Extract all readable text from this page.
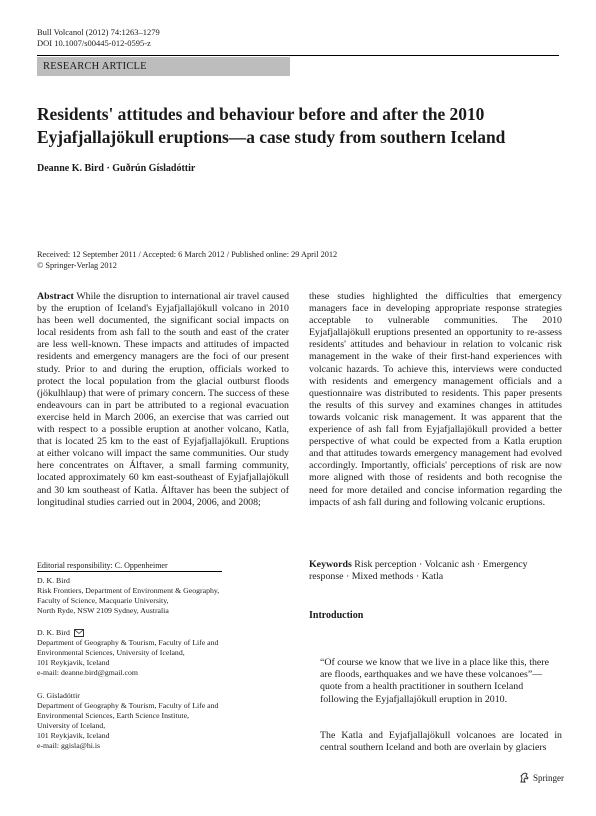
Bull Volcanol (2012) 74:1263–1279
DOI 10.1007/s00445-012-0595-z
RESEARCH ARTICLE
Residents' attitudes and behaviour before and after the 2010 Eyjafjallajökull eruptions—a case study from southern Iceland
Deanne K. Bird · Guðrún Gísladóttir
Received: 12 September 2011 / Accepted: 6 March 2012 / Published online: 29 April 2012
© Springer-Verlag 2012

Abstract While the disruption to international air travel caused by the eruption of Iceland's Eyjafjallajökull volcano in 2010 has been well documented, the significant social impacts on local residents from ash fall to the south and east of the crater are less well-known. These impacts and attitudes of impacted residents and emergency managers are the foci of our present study. Prior to and during the eruption, officials worked to protect the local population from the glacial outburst floods (jökulhlaup) that were of primary concern. The success of these endeavours can in part be attributed to a regional evacuation exercise held in March 2006, an exercise that was carried out with respect to a possible eruption at another volcano, Katla, that is located 25 km to the east of Eyjafjallajökull. Eruptions at either volcano will impact the same communities. Our study here concentrates on Álftaver, a small farming community, located approximately 60 km east-southeast of Eyjafjallajökull and 30 km southeast of Katla. Álftaver has been the subject of longitudinal studies carried out in 2004, 2006, and 2008;

these studies highlighted the difficulties that emergency managers face in developing appropriate response strategies acceptable to vulnerable communities. The 2010 Eyjafjallajökull eruptions presented an opportunity to re-assess residents' attitudes and behaviour in relation to volcanic risk management in the wake of their first-hand experiences with volcanic hazards. To achieve this, interviews were conducted with residents and emergency management officials and a questionnaire was distributed to residents. This paper presents the results of this survey and examines changes in attitudes towards volcanic risk management. It was apparent that the experience of ash fall from Eyjafjallajökull provided a better perspective of what could be expected from a Katla eruption and that attitudes towards emergency management had evolved accordingly. Importantly, officials' perceptions of risk are now more aligned with those of residents and both recognise the need for more detailed and concise information regarding the impacts of ash fall during and following volcanic eruptions.

Editorial responsibility: C. Oppenheimer
D. K. Bird
Risk Frontiers, Department of Environment & Geography,
Faculty of Science, Macquarie University,
North Ryde, NSW 2109 Sydney, Australia
D. K. Bird
Department of Geography & Tourism, Faculty of Life and
Environmental Sciences, University of Iceland,
101 Reykjavik, Iceland
e-mail: deanne.bird@gmail.com
G. Gísladóttir
Department of Geography & Tourism, Faculty of Life and
Environmental Sciences, Earth Science Institute,
University of Iceland,
101 Reykjavik, Iceland
e-mail: ggisla@hi.is
Keywords Risk perception · Volcanic ash · Emergency response · Mixed methods · Katla
Introduction
“Of course we know that we live in a place like this, there are floods, earthquakes and we have these volcanoes”—quote from a health practitioner in southern Iceland following the Eyjafjallajökull eruption in 2010.
The Katla and Eyjafjallajökull volcanoes are located in central southern Iceland and both are overlain by glaciers
Springer
